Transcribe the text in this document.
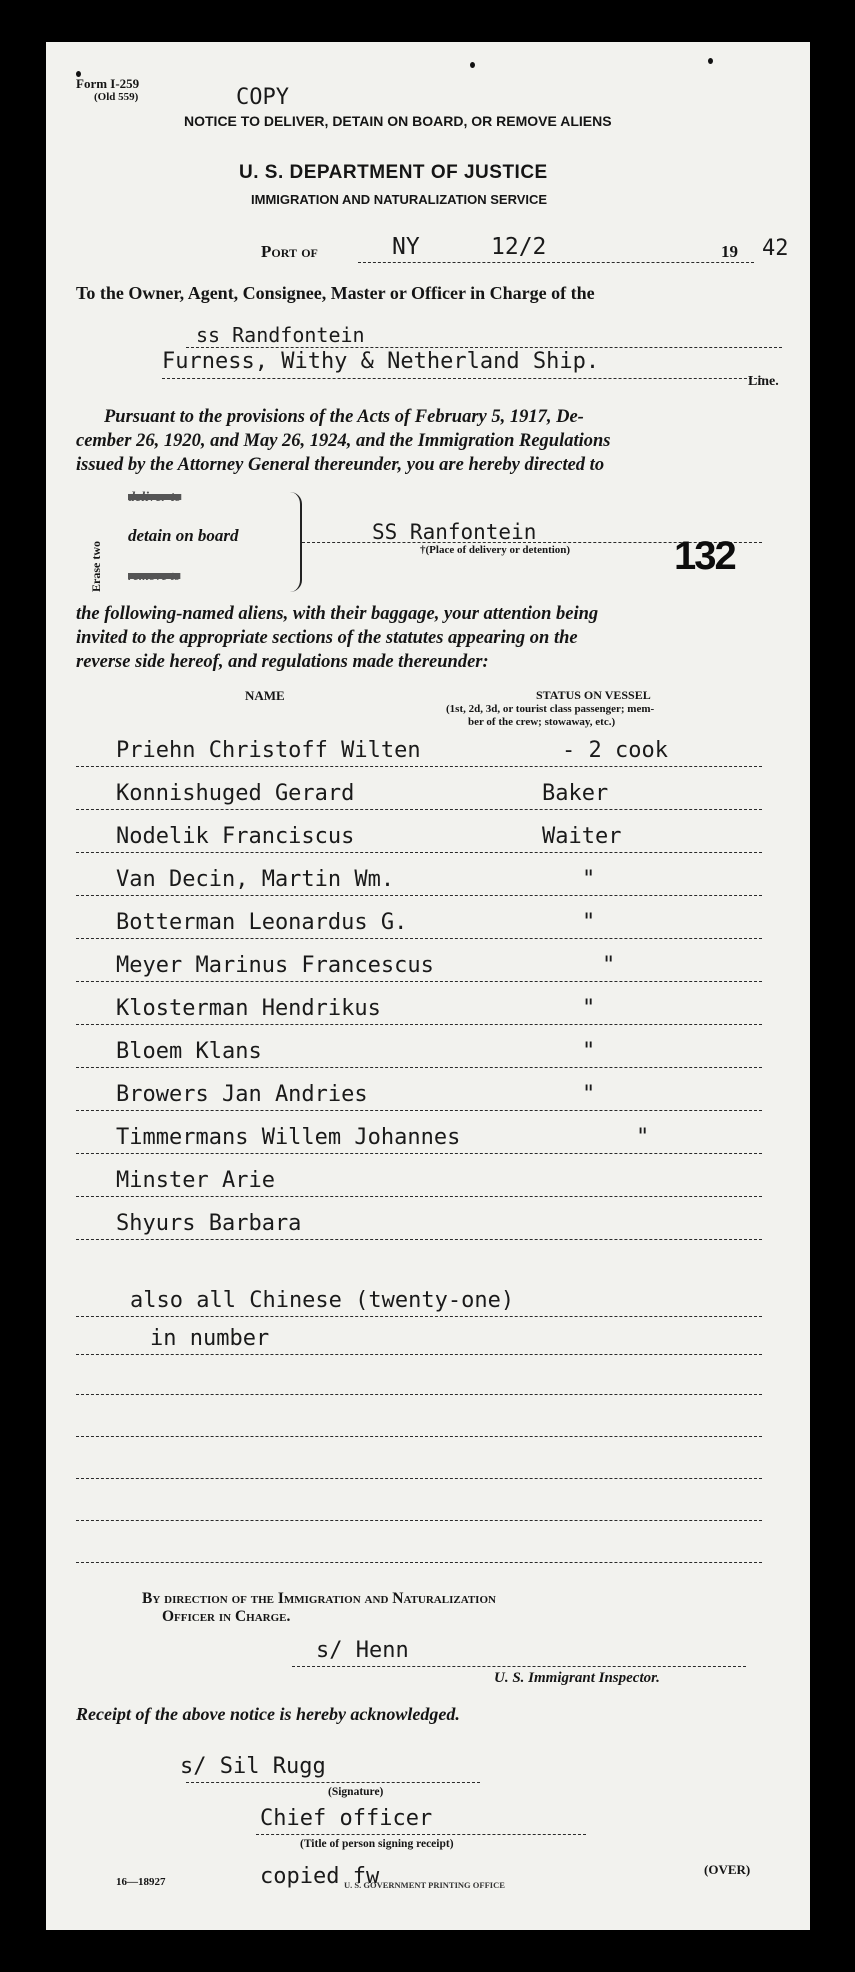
Form I-259
(Old 559)	COPY
NOTICE TO DELIVER, DETAIN ON BOARD, OR REMOVE ALIENS
U. S. DEPARTMENT OF JUSTICE
IMMIGRATION AND NATURALIZATION SERVICE
Port of	NY	12/2	19 42
To the Owner, Agent, Consignee, Master or Officer in Charge of the
ss Randfontein
Furness, Withy & Netherland Ship.
Line.
Pursuant to the provisions of the Acts of February 5, 1917, De-
cember 26, 1920, and May 26, 1924, and the Immigration Regulations
issued by the Attorney General thereunder, you are hereby directed to
Erase two
deliver to
detain on board
remove to
SS Ranfontein
†(Place of delivery or detention)	132
the following-named aliens, with their baggage, your attention being
invited to the appropriate sections of the statutes appearing on the
reverse side hereof, and regulations made thereunder:
NAME	STATUS ON VESSEL
(1st, 2d, 3d, or tourist class passenger; mem-
ber of the crew; stowaway, etc.)
Priehn Christoff Wilten	- 2 cook
Konnishuged Gerard	Baker
Nodelik Franciscus	Waiter
Van Decin, Martin Wm.	"
Botterman Leonardus G.	"
Meyer Marinus Francescus	"
Klosterman Hendrikus	"
Bloem Klans	"
Browers Jan Andries	"
Timmermans Willem Johannes	"
Minster Arie
Shyurs Barbara
also all Chinese (twenty-one)
in number
By direction of the Immigration and Naturalization
Officer in Charge.
s/ Henn
U. S. Immigrant Inspector.
Receipt of the above notice is hereby acknowledged.
s/ Sil Rugg
(Signature)
Chief officer
(Title of person signing receipt)
16—18927	copied fw
U. S. GOVERNMENT PRINTING OFFICE
(OVER)
